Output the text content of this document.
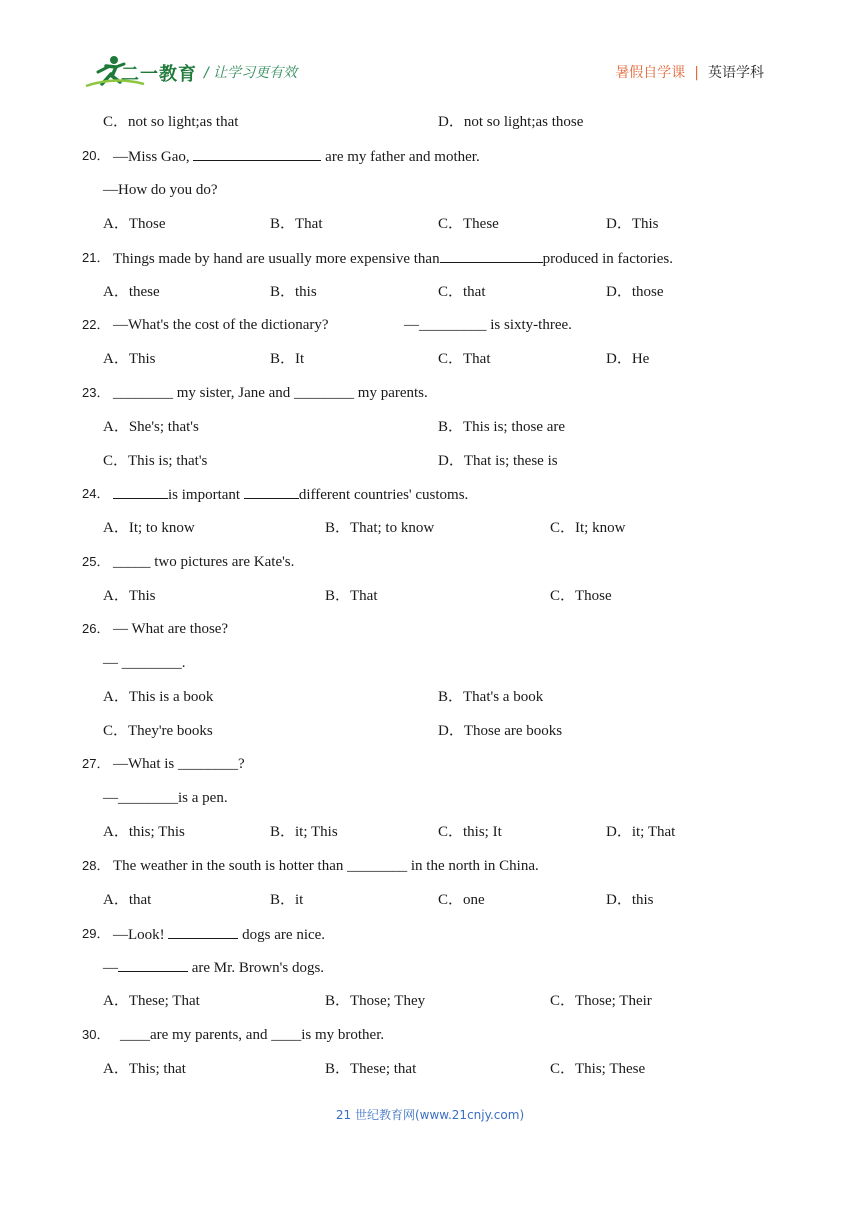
二一教育 / 让学习更有效	暑假自学课 | 英语学科
C．not so light;as that	D．not so light;as those
20． —Miss Gao,	are my father and mother.
—How do you do?
A．Those	B．That	C．These	D．This
21． Things made by hand are usually more expensive than	produced in factories.
A．these	B．this	C．that	D．those
22． —What's the cost of the dictionary?	—_________ is sixty-three.
A．This	B．It	C．That	D．He
23． ________ my sister, Jane and ________ my parents.
A．She's; that's	B．This is; those are
C．This is; that's	D．That is; these is
24．	is important	different countries' customs.
A．It; to know	B．That; to know	C．It; know
25． _____ two pictures are Kate's.
A．This	B．That	C．Those
26． — What are those?
— ________.
A．This is a book	B．That's a book
C．They're books	D．Those are books
27． —What is ________?
—________is a pen.
A．this; This	B．it; This	C．this; It	D．it; That
28． The weather in the south is hotter than ________ in the north in China.
A．that	B．it	C．one	D．this
29． —Look!	dogs are nice.
—	are Mr. Brown's dogs.
A．These; That	B．Those; They	C．Those; Their
30． ____are my parents, and ____is my brother.
A．This; that	B．These; that	C．This; These
21 世纪教育网(www.21cnjy.com)
